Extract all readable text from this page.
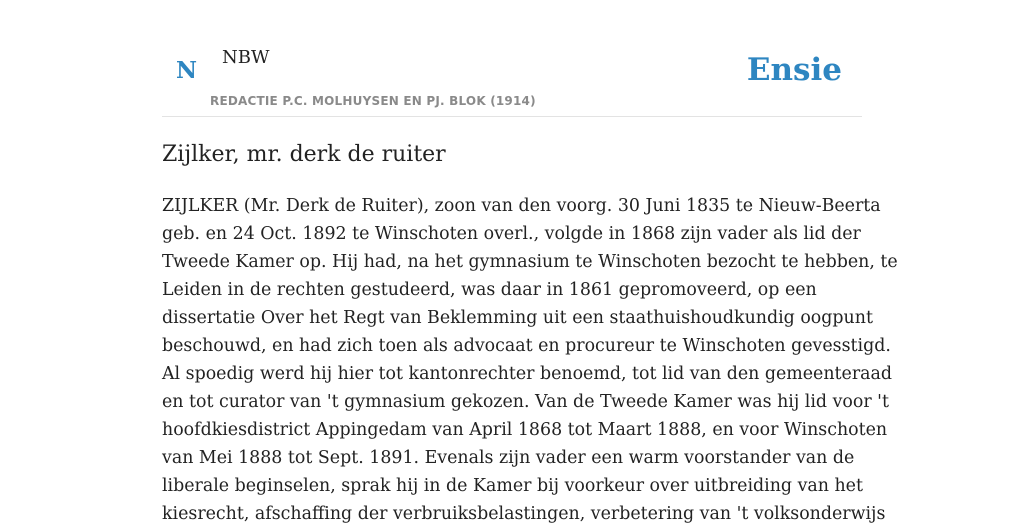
N NBW
REDACTIE P.C. MOLHUYSEN EN PJ. BLOK (1914)
Ensie
Zijlker, mr. derk de ruiter

ZIJLKER (Mr. Derk de Ruiter), zoon van den voorg. 30 Juni 1835 te Nieuw-Beerta
geb. en 24 Oct. 1892 te Winschoten overl., volgde in 1868 zijn vader als lid der
Tweede Kamer op. Hij had, na het gymnasium te Winschoten bezocht te hebben, te
Leiden in de rechten gestudeerd, was daar in 1861 gepromoveerd, op een
dissertatie Over het Regt van Beklemming uit een staathuishoudkundig oogpunt
beschouwd, en had zich toen als advocaat en procureur te Winschoten gevesstigd.
Al spoedig werd hij hier tot kantonrechter benoemd, tot lid van den gemeenteraad
en tot curator van 't gymnasium gekozen. Van de Tweede Kamer was hij lid voor 't
hoofdkiesdistrict Appingedam van April 1868 tot Maart 1888, en voor Winschoten
van Mei 1888 tot Sept. 1891. Evenals zijn vader een warm voorstander van de
liberale beginselen, sprak hij in de Kamer bij voorkeur over uitbreiding van het
kiesrecht, afschaffing der verbruiksbelastingen, verbetering van 't volksonderwijs
